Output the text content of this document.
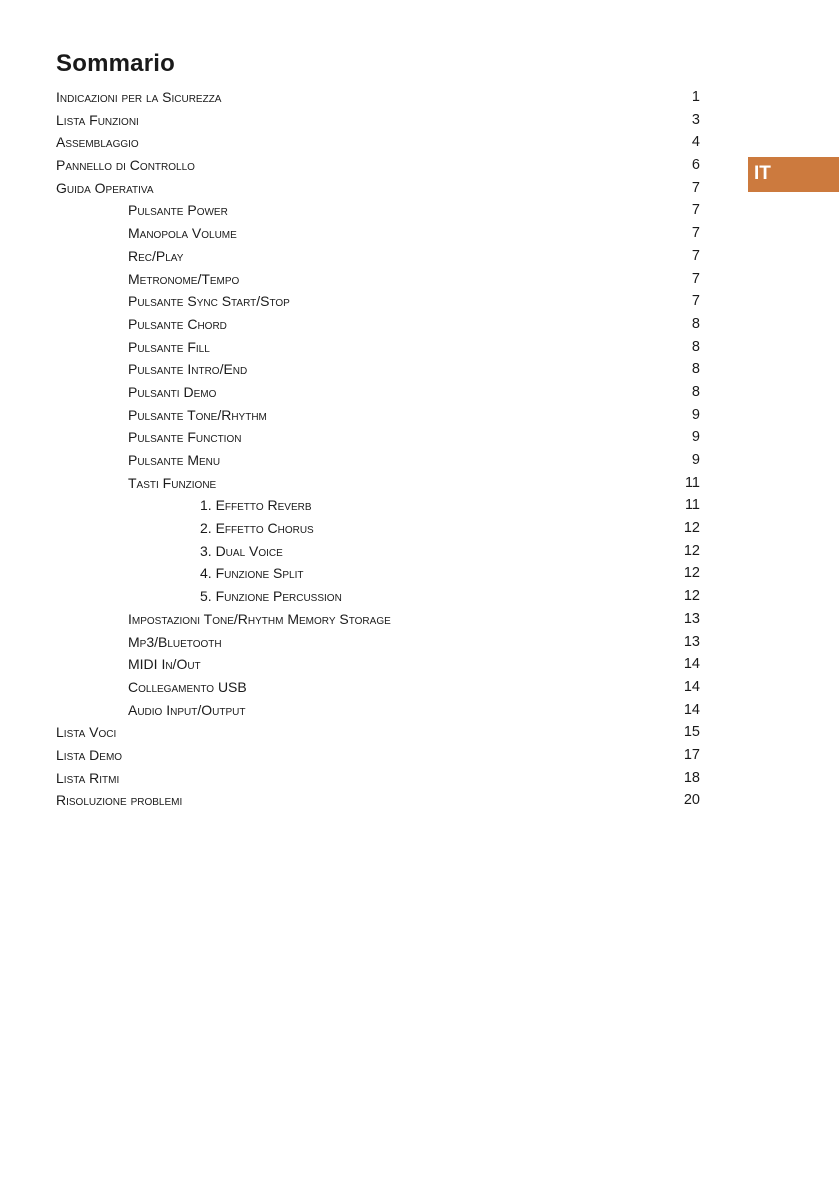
Sommario
IT
Indicazioni per la Sicurezza	1
Lista Funzioni	3
Assemblaggio	4
Pannello di Controllo	6
Guida Operativa	7
Pulsante Power	7
Manopola Volume	7
Rec/Play	7
Metronome/Tempo	7
Pulsante Sync Start/Stop	7
Pulsante Chord	8
Pulsante Fill	8
Pulsante Intro/End	8
Pulsanti Demo	8
Pulsante Tone/Rhythm	9
Pulsante Function	9
Pulsante Menu	9
Tasti Funzione	11
1. Effetto Reverb	11
2. Effetto Chorus	12
3. Dual Voice	12
4. Funzione Split	12
5. Funzione Percussion	12
Impostazioni Tone/Rhythm Memory Storage	13
Mp3/Bluetooth	13
MIDI In/Out	14
Collegamento USB	14
Audio Input/Output	14
Lista Voci	15
Lista Demo	17
Lista Ritmi	18
Risoluzione problemi	20
